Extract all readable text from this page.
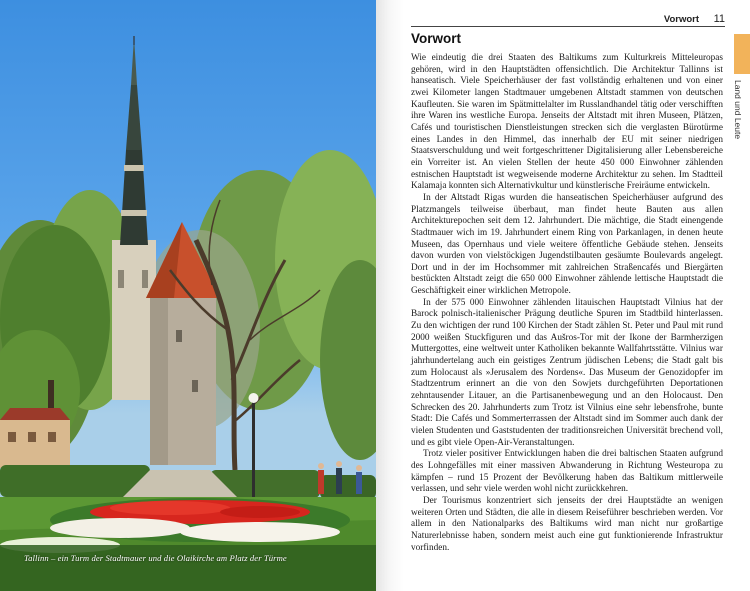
Tallinn – ein Turm der Stadtmauer und die Olaikirche am Platz der Türme
Vorwort 11
Land und Leute
Vorwort

Wie eindeutig die drei Staaten des Baltikums zum Kulturkreis Mitteleuropas gehören, wird in den Hauptstädten offensichtlich. Die Architektur Tallinns ist hanseatisch. Viele Speicherhäuser der fast vollständig erhaltenen und von einer zwei Kilometer langen Stadtmauer umgebenen Altstadt stammen von deutschen Kaufleuten. Sie waren im Spätmittelalter im Russlandhandel tätig oder verschifften ihre Waren ins westliche Europa. Jenseits der Altstadt mit ihren Museen, Plätzen, Cafés und touristischen Dienstleistungen strecken sich die verglasten Bürotürme eines Landes in den Himmel, das innerhalb der EU mit seiner niedrigen Staatsverschuldung und weit fortgeschrittener Digitalisierung aller Lebensbereiche ein Vorreiter ist. An vielen Stellen der heute 450 000 Einwohner zählenden estnischen Hauptstadt ist wegweisende moderne Architektur zu sehen. Im Stadtteil Kalamaja konnten sich Alternativkultur und künstlerische Freiräume entwickeln.

In der Altstadt Rigas wurden die hanseatischen Speicherhäuser aufgrund des Platzmangels teilweise überbaut, man findet heute Bauten aus allen Architekturepochen seit dem 12. Jahrhundert. Die mächtige, die Stadt einengende Stadtmauer wich im 19. Jahrhundert einem Ring von Parkanlagen, in denen heute Museen, das Opernhaus und viele weitere öffentliche Gebäude stehen. Jenseits davon wurden von vielstöckigen Jugendstilbauten gesäumte Boulevards angelegt. Dort und in der im Hochsommer mit zahlreichen Straßencafés und Biergärten bestückten Altstadt zeigt die 650 000 Einwohner zählende lettische Hauptstadt die Geschäftigkeit einer wirklichen Metropole.

In der 575 000 Einwohner zählenden litauischen Hauptstadt Vilnius hat der Barock polnisch-italienischer Prägung deutliche Spuren im Stadtbild hinterlassen. Zu den wichtigen der rund 100 Kirchen der Stadt zählen St. Peter und Paul mit rund 2000 weißen Stuckfiguren und das Aušros-Tor mit der Ikone der Barmherzigen Muttergottes, eine weltweit unter Katholiken bekannte Wallfahrtsstätte. Vilnius war jahrhundertelang auch ein geistiges Zentrum jüdischen Lebens; die Stadt galt bis zum Holocaust als »Jerusalem des Nordens«. Das Museum der Genozidopfer im Stadtzentrum erinnert an die von den Sowjets durchgeführten Deportationen zehntausender Litauer, an die Partisanenbewegung und an den Holocaust. Den Schrecken des 20. Jahrhunderts zum Trotz ist Vilnius eine sehr lebensfrohe, bunte Stadt: Die Cafés und Sommerterrassen der Altstadt sind im Sommer auch dank der vielen Studenten und Gaststudenten der traditionsreichen Universität brechend voll, und es gibt viele Open-Air-Veranstaltungen.

Trotz vieler positiver Entwicklungen haben die drei baltischen Staaten aufgrund des Lohngefälles mit einer massiven Abwanderung in Richtung Westeuropa zu kämpfen – rund 15 Prozent der Bevölkerung haben das Baltikum mittlerweile verlassen, und sehr viele werden wohl nicht zurückkehren.

Der Tourismus konzentriert sich jenseits der drei Hauptstädte an wenigen weiteren Orten und Städten, die alle in diesem Reiseführer beschrieben werden. Vor allem in den Nationalparks des Baltikums wird man nicht nur großartige Naturerlebnisse haben, sondern meist auch eine gut funktionierende Infrastruktur vorfinden.
